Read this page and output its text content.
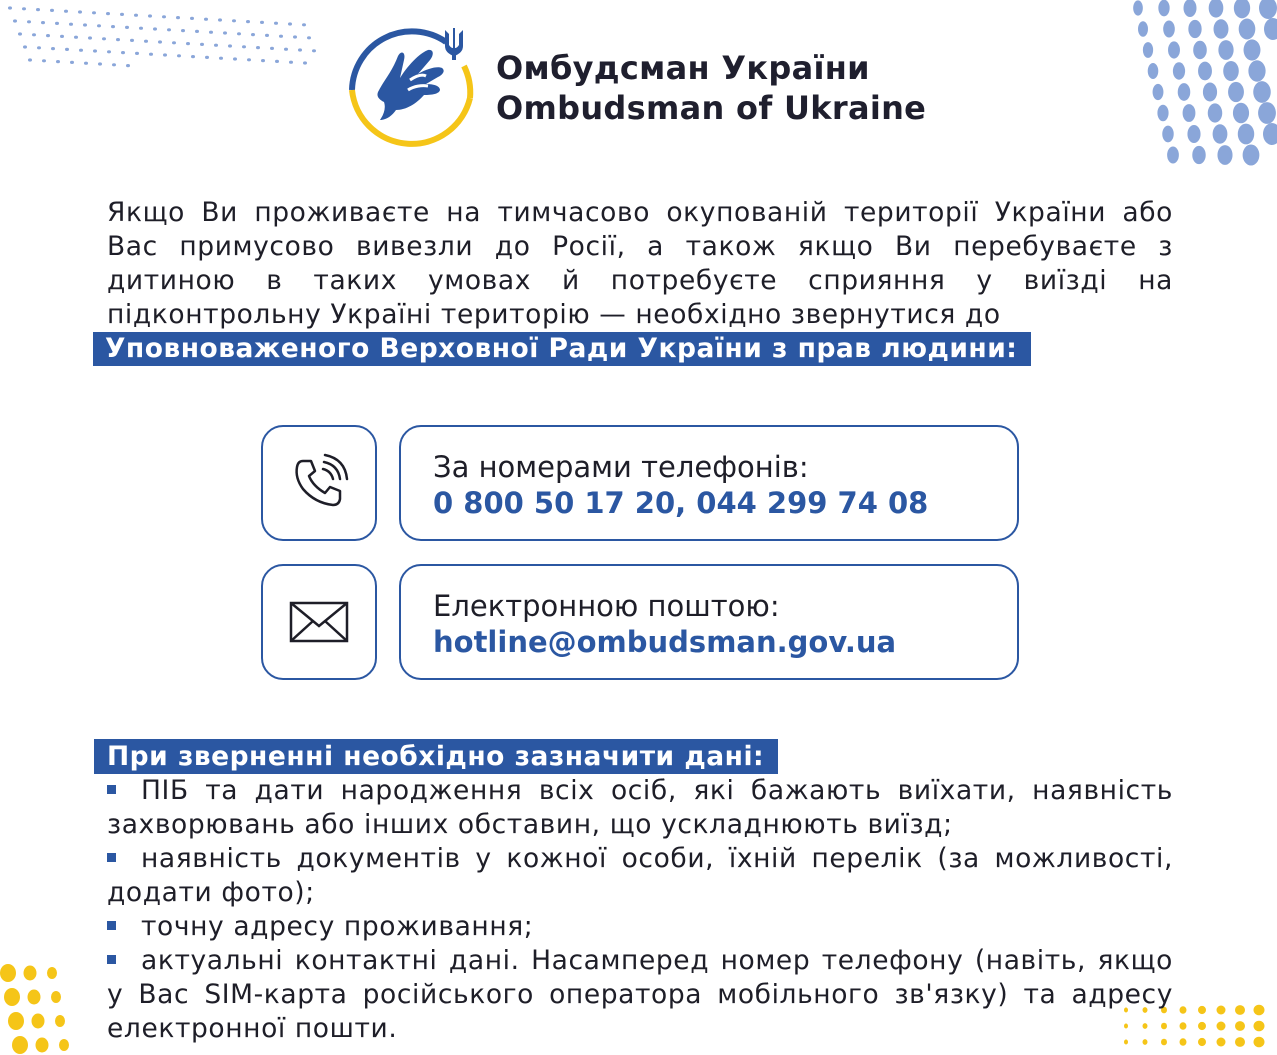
Омбудсман України
Ombudsman of Ukraine

Якщо Ви проживаєте на тимчасово окупованій території України або Вас примусово вивезли до Росії, а також якщо Ви перебуваєте з дитиною в таких умовах й потребуєте сприяння у виїзді на підконтрольну Україні територію — необхідно звернутися до

Уповноваженого Верховної Ради України з прав людини:
За номерами телефонів:
0 800 50 17 20, 044 299 74 08
Електронною поштою:
hotline@ombudsman.gov.ua
При зверненні необхідно зазначити дані:

ПІБ та дати народження всіх осіб, які бажають виїхати, наявність захворювань або інших обставин, що ускладнюють виїзд;

наявність документів у кожної особи, їхній перелік (за можливості, додати фото);

точну адресу проживання;

актуальні контактні дані. Насамперед номер телефону (навіть, якщо у Вас SIM-карта російського оператора мобільного зв'язку) та адресу електронної пошти.
